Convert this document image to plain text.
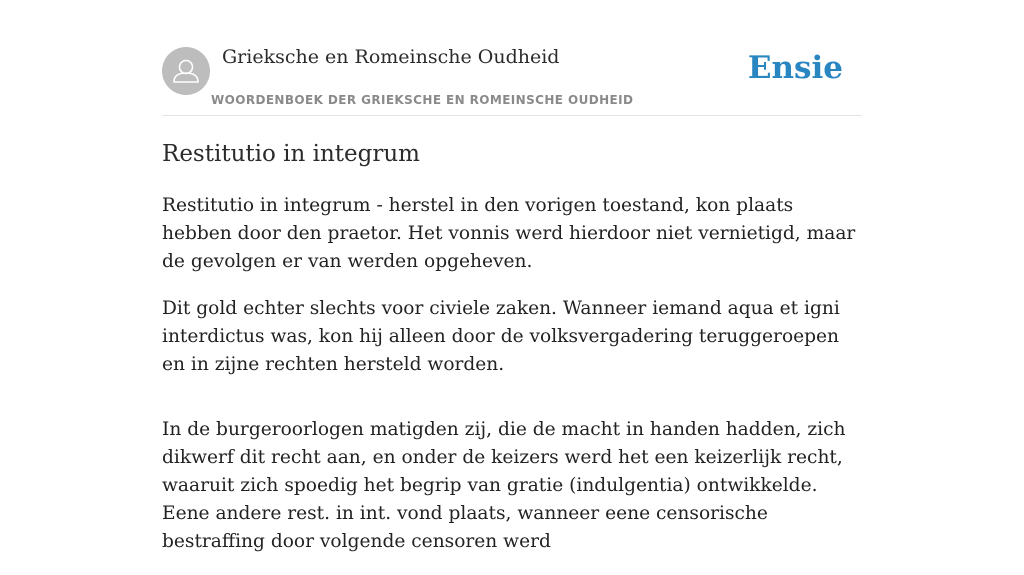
Grieksche en Romeinsche Oudheid
WOORDENBOEK DER GRIEKSCHE EN ROMEINSCHE OUDHEID
Ensie
Restitutio in integrum

Restitutio in integrum - herstel in den vorigen toestand, kon plaats hebben door den praetor. Het vonnis werd hierdoor niet vernietigd, maar de gevolgen er van werden opgeheven.

Dit gold echter slechts voor civiele zaken. Wanneer iemand aqua et igni interdictus was, kon hij alleen door de volksvergadering teruggeroepen en in zijne rechten hersteld worden.

In de burgeroorlogen matigden zij, die de macht in handen hadden, zich dikwerf dit recht aan, en onder de keizers werd het een keizerlijk recht, waaruit zich spoedig het begrip van gratie (indulgentia) ontwikkelde. Eene andere rest. in int. vond plaats, wanneer eene censorische bestraffing door volgende censoren werd
